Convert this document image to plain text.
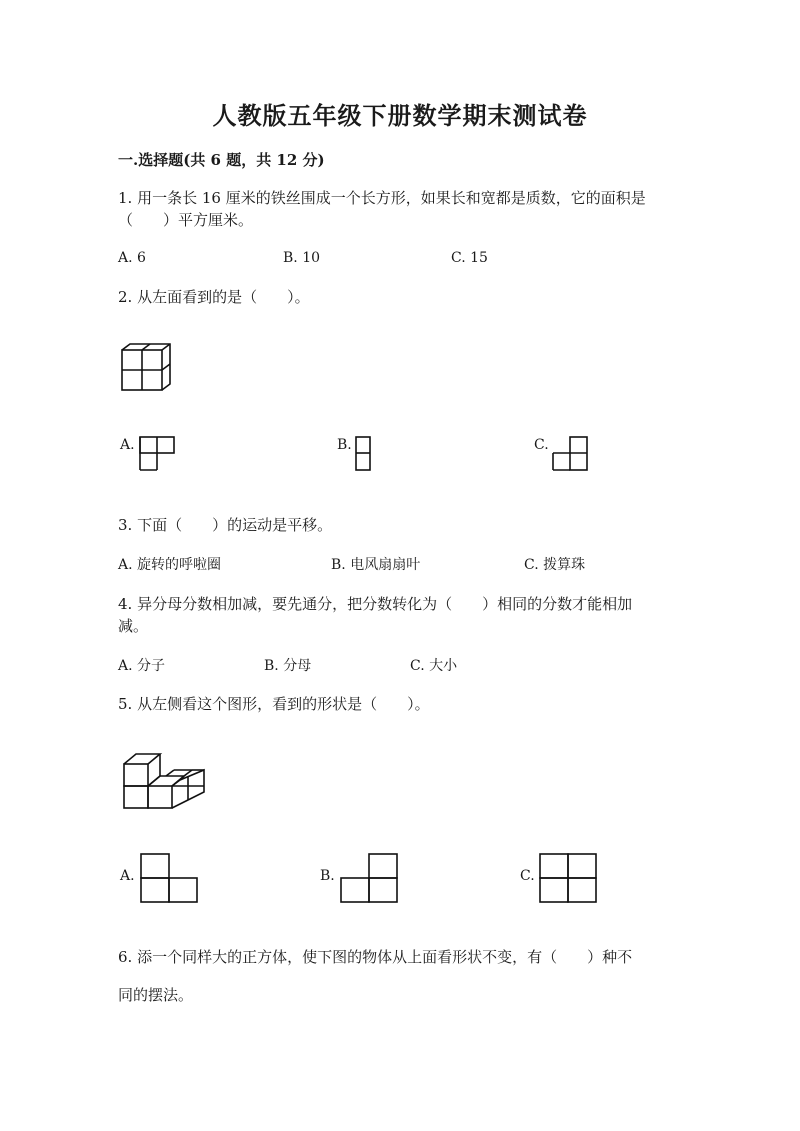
人教版五年级下册数学期末测试卷
一.选择题(共 6 题，共 12 分)
1. 用一条长 16 厘米的铁丝围成一个长方形，如果长和宽都是质数，它的面积是
（　　）平方厘米。
A. 6	B. 10	C. 15
2. 从左面看到的是（　　）。
A.	B.	C.
3. 下面（　　）的运动是平移。
A. 旋转的呼啦圈	B. 电风扇扇叶	C. 拨算珠
4. 异分母分数相加减，要先通分，把分数转化为（　　）相同的分数才能相加
减。
A. 分子	B. 分母	C. 大小
5. 从左侧看这个图形，看到的形状是（　　）。
A.	B.	C.
6. 添一个同样大的正方体，使下图的物体从上面看形状不变，有（　　）种不
同的摆法。
